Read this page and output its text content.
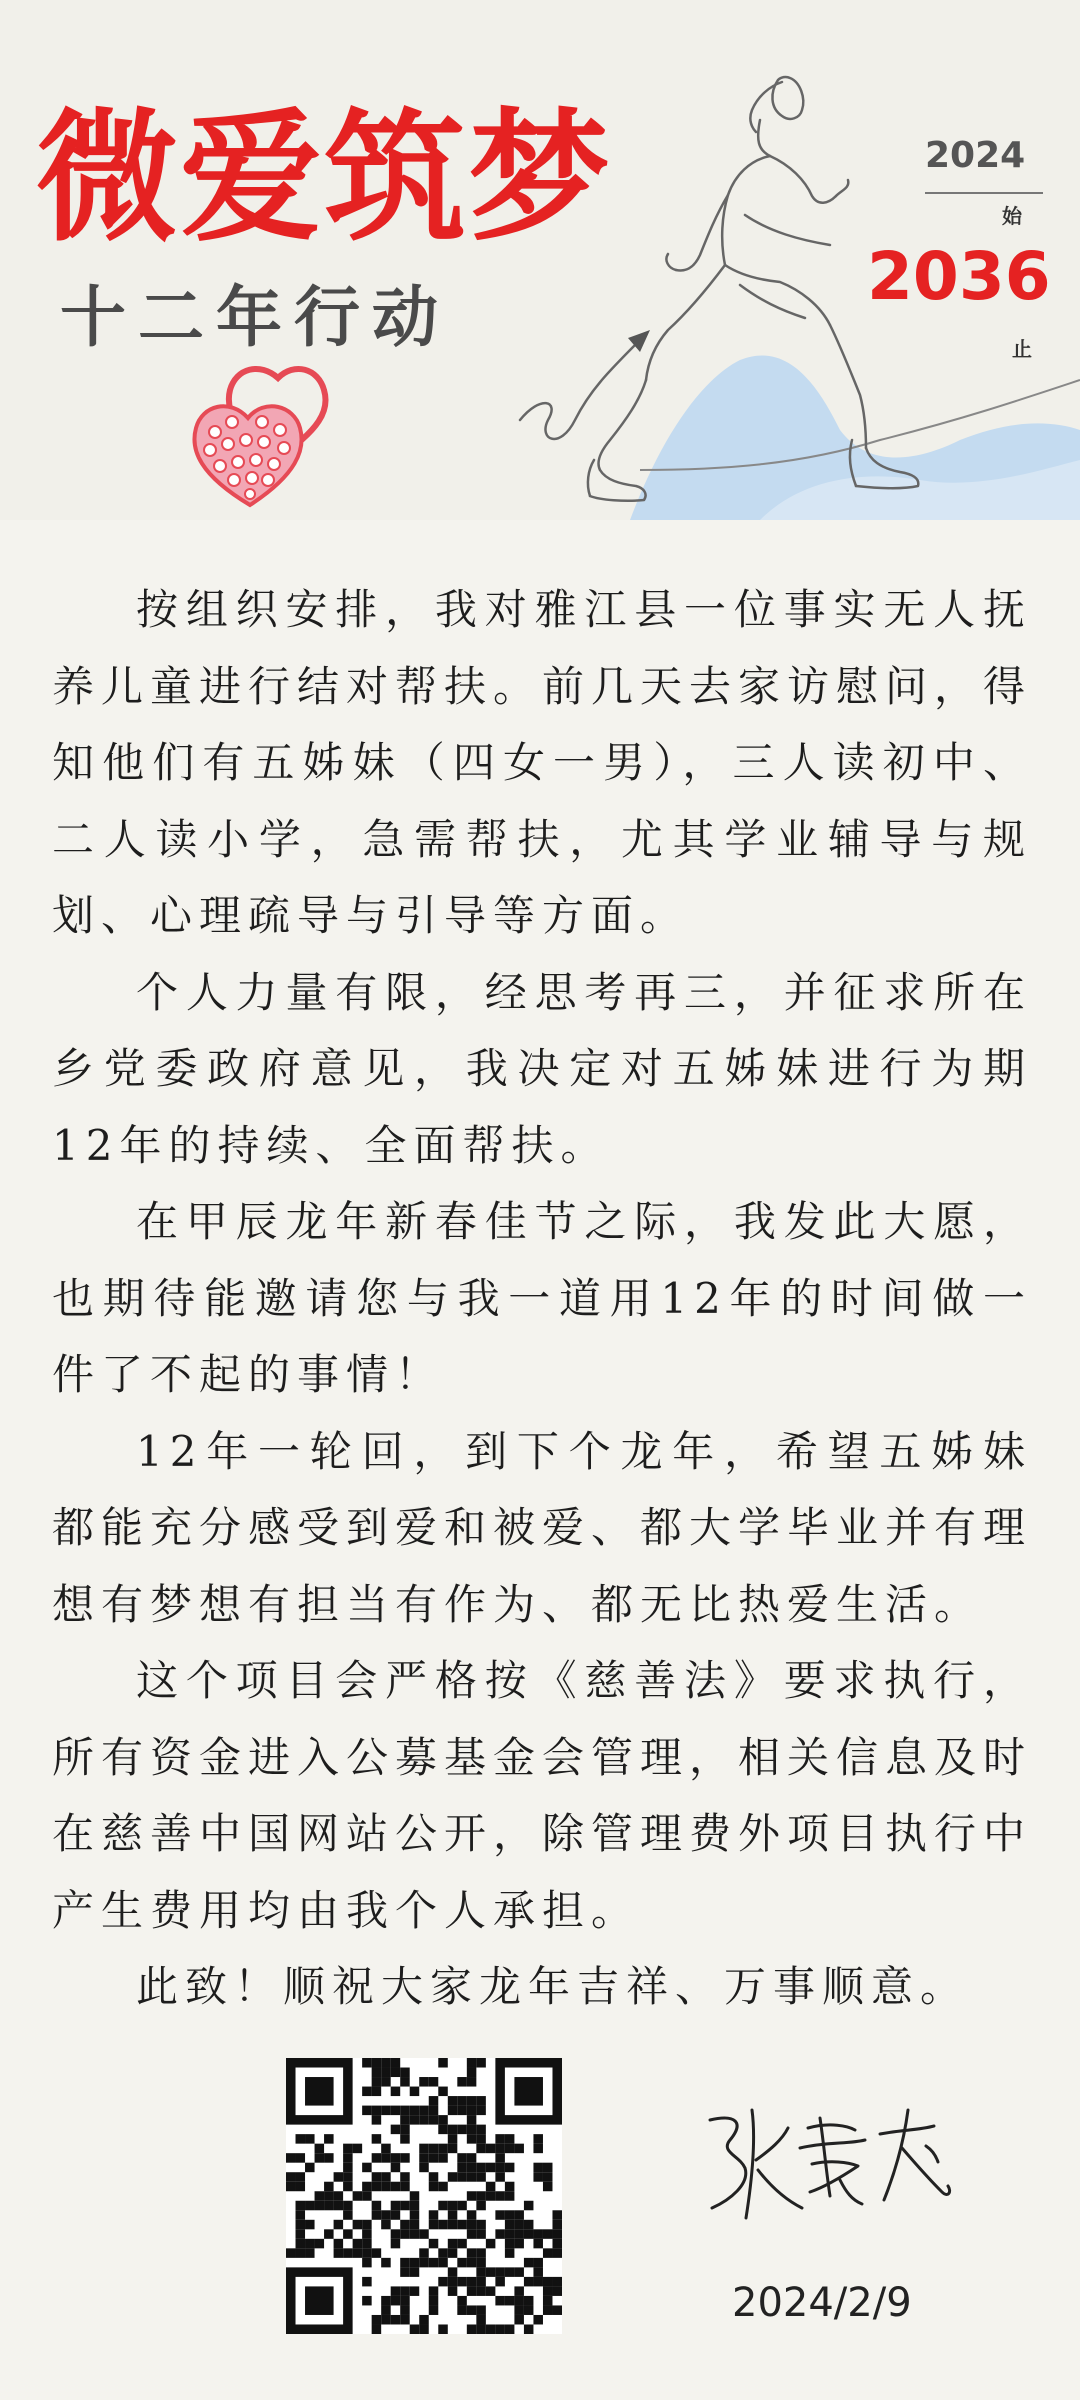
微爱筑梦
十二年行动
2024
始
2036
止

按组织安排，我对雅江县一位事实无人抚养儿童进行结对帮扶。前几天去家访慰问，得知他们有五姊妹（四女一男），三人读初中、二人读小学，急需帮扶，尤其学业辅导与规划、心理疏导与引导等方面。

个人力量有限，经思考再三，并征求所在乡党委政府意见，我决定对五姊妹进行为期12年的持续、全面帮扶。

在甲辰龙年新春佳节之际，我发此大愿，也期待能邀请您与我一道用12年的时间做一件了不起的事情！

12年一轮回，到下个龙年，希望五姊妹都能充分感受到爱和被爱、都大学毕业并有理想有梦想有担当有作为、都无比热爱生活。

这个项目会严格按《慈善法》要求执行，所有资金进入公募基金会管理，相关信息及时在慈善中国网站公开，除管理费外项目执行中产生费用均由我个人承担。

此致！顺祝大家龙年吉祥、万事顺意。

2024/2/9
